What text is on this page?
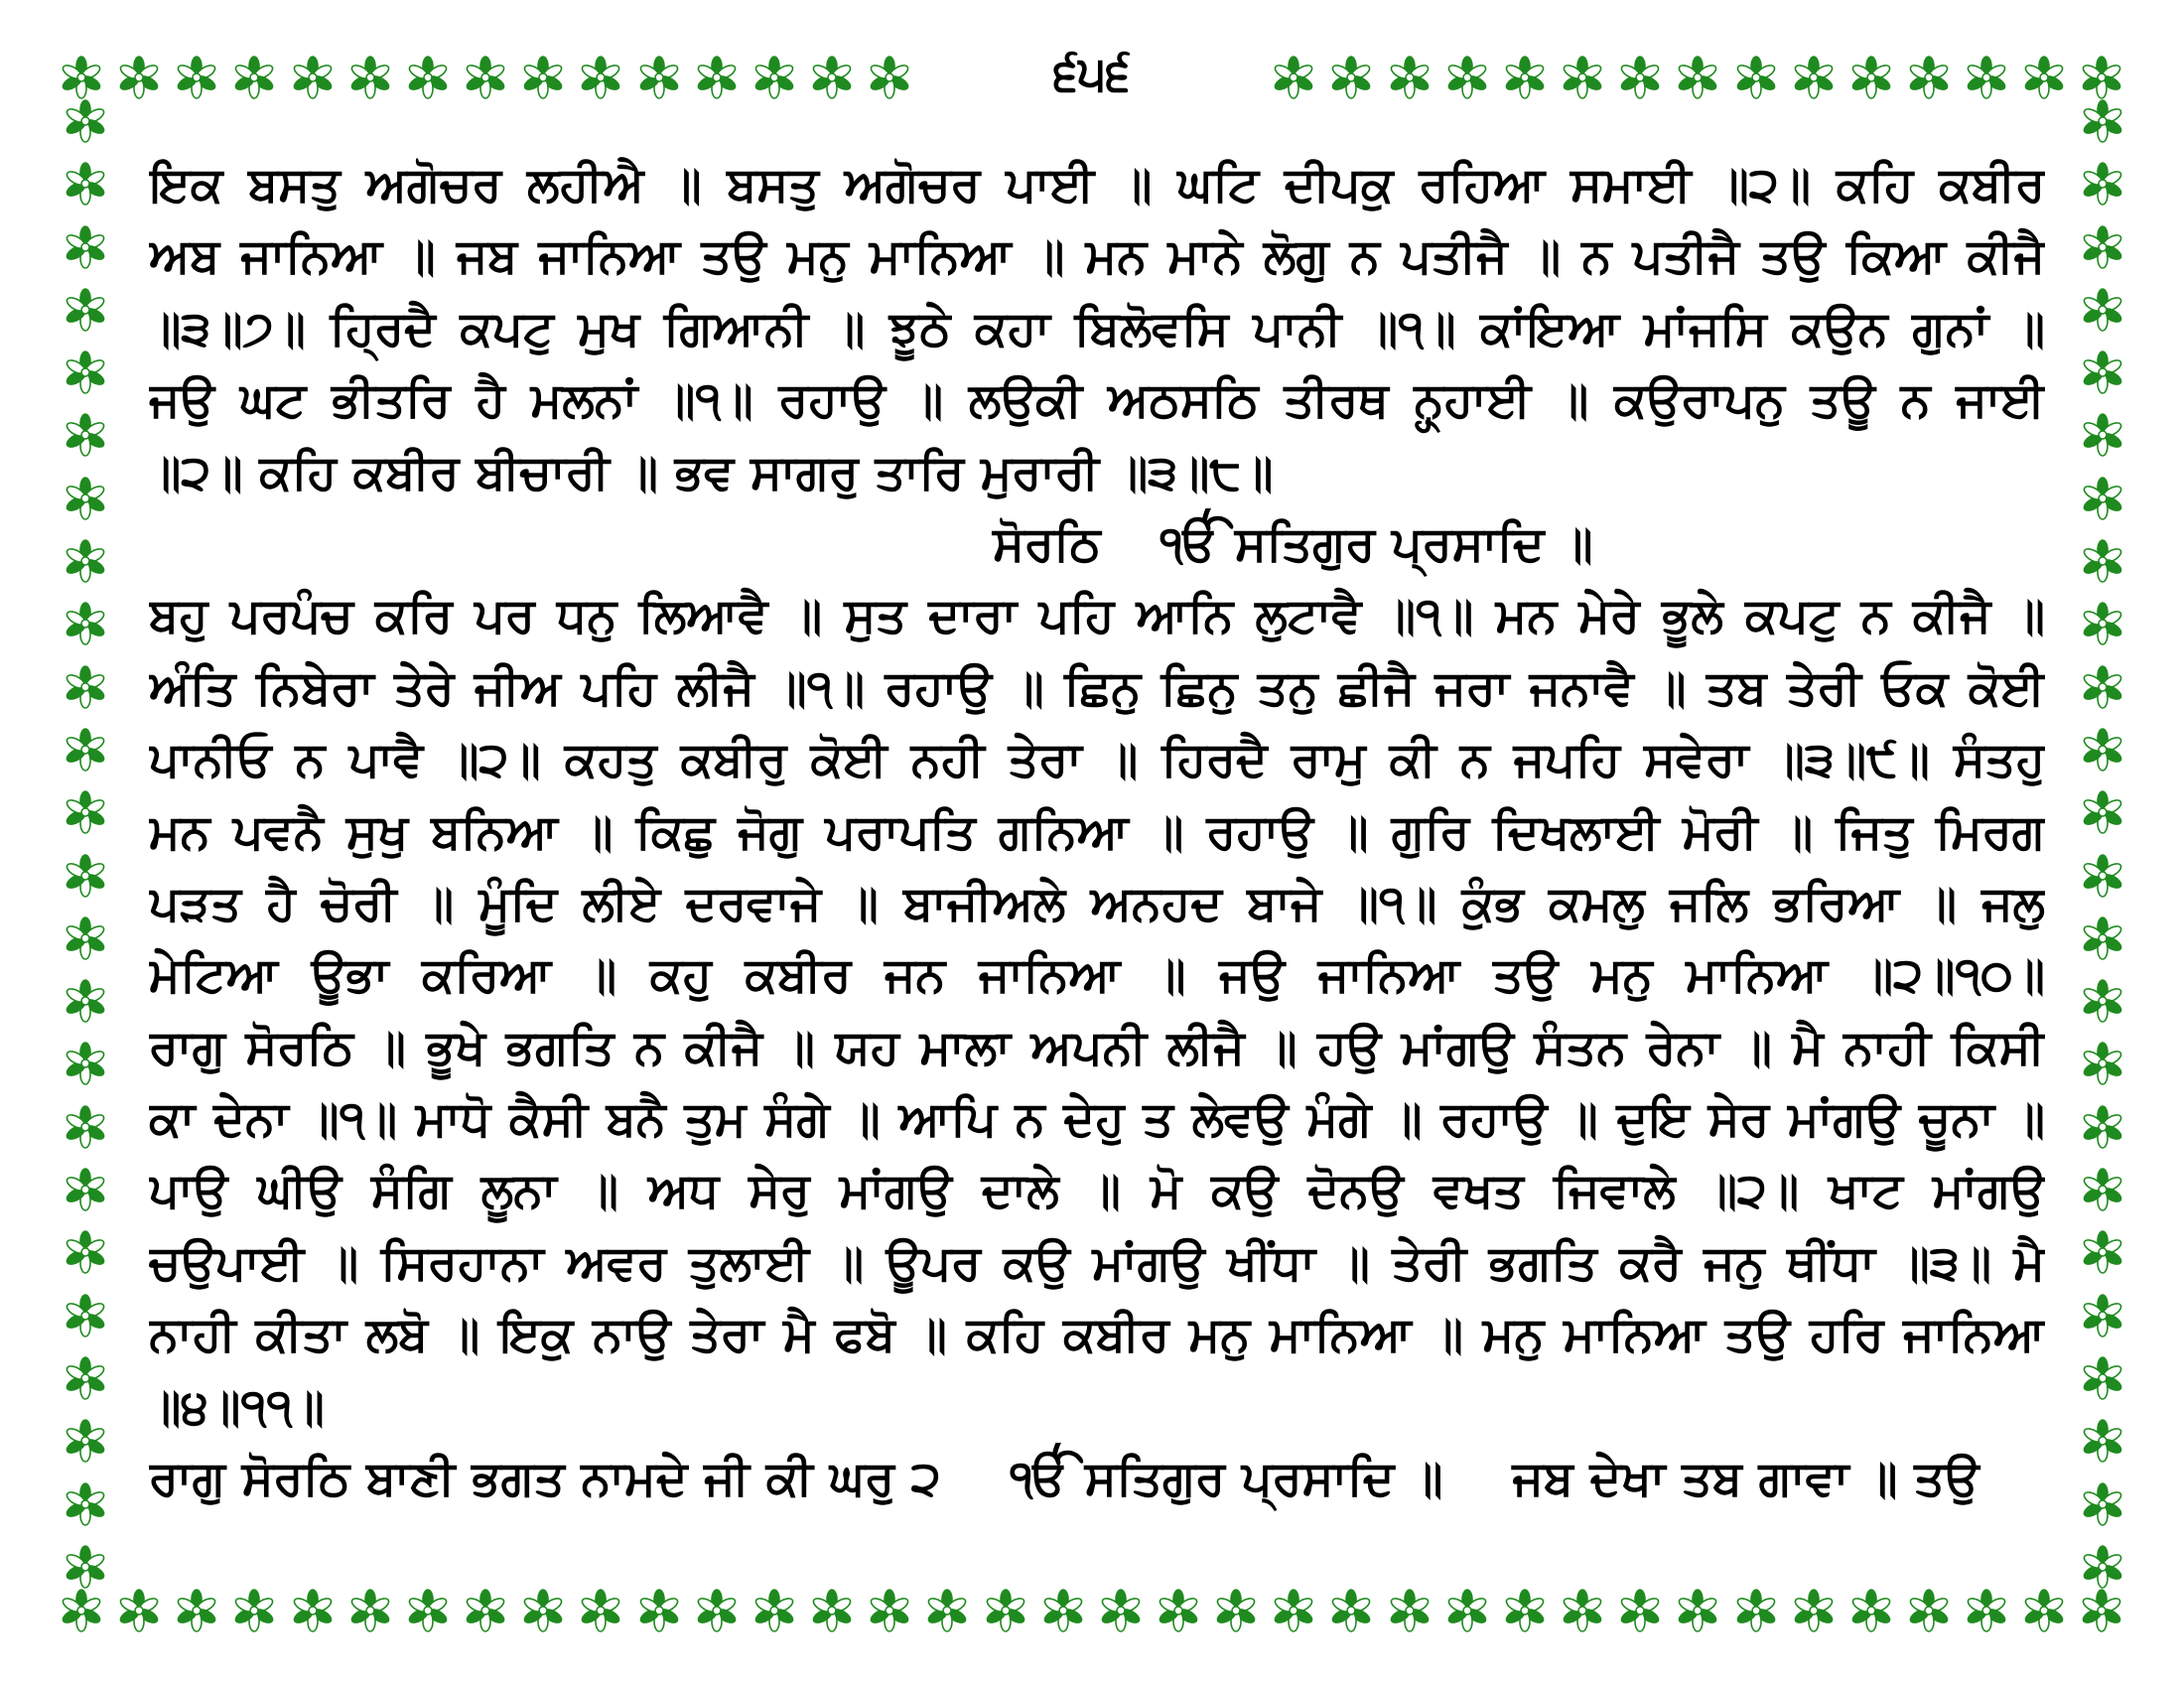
੬੫੬
ਇਕ ਬਸਤੁ ਅਗੋਚਰ ਲਹੀਐ ॥ ਬਸਤੁ ਅਗੋਚਰ ਪਾਈ ॥ ਘਟਿ ਦੀਪਕੁ ਰਹਿਆ ਸਮਾਈ ॥੨॥ ਕਹਿ ਕਬੀਰ
ਅਬ ਜਾਨਿਆ ॥ ਜਬ ਜਾਨਿਆ ਤਉ ਮਨੁ ਮਾਨਿਆ ॥ ਮਨ ਮਾਨੇ ਲੋਗੁ ਨ ਪਤੀਜੈ ॥ ਨ ਪਤੀਜੈ ਤਉ ਕਿਆ ਕੀਜੈ
॥੩॥੭॥ ਹ੍ਰਿਦੈ ਕਪਟੁ ਮੁਖ ਗਿਆਨੀ ॥ ਝੂਠੇ ਕਹਾ ਬਿਲੋਵਸਿ ਪਾਨੀ ॥੧॥ ਕਾਂਇਆ ਮਾਂਜਸਿ ਕਉਨ ਗੁਨਾਂ ॥
ਜਉ ਘਟ ਭੀਤਰਿ ਹੈ ਮਲਨਾਂ ॥੧॥ ਰਹਾਉ ॥ ਲਉਕੀ ਅਠਸਠਿ ਤੀਰਥ ਨ੍ਹ੍ਹਾਈ ॥ ਕਉਰਾਪਨੁ ਤਊ ਨ ਜਾਈ
॥੨॥ ਕਹਿ ਕਬੀਰ ਬੀਚਾਰੀ ॥ ਭਵ ਸਾਗਰੁ ਤਾਰਿ ਮੁਰਾਰੀ ॥੩॥੮॥
ਸੋਰਠਿ ੴ ਸਤਿਗੁਰ ਪ੍ਰਸਾਦਿ ॥
ਬਹੁ ਪਰਪੰਚ ਕਰਿ ਪਰ ਧਨੁ ਲਿਆਵੈ ॥ ਸੁਤ ਦਾਰਾ ਪਹਿ ਆਨਿ ਲੁਟਾਵੈ ॥੧॥ ਮਨ ਮੇਰੇ ਭੂਲੇ ਕਪਟੁ ਨ ਕੀਜੈ ॥
ਅੰਤਿ ਨਿਬੇਰਾ ਤੇਰੇ ਜੀਅ ਪਹਿ ਲੀਜੈ ॥੧॥ ਰਹਾਉ ॥ ਛਿਨੁ ਛਿਨੁ ਤਨੁ ਛੀਜੈ ਜਰਾ ਜਨਾਵੈ ॥ ਤਬ ਤੇਰੀ ਓਕ ਕੋਈ
ਪਾਨੀਓ ਨ ਪਾਵੈ ॥੨॥ ਕਹਤੁ ਕਬੀਰੁ ਕੋਈ ਨਹੀ ਤੇਰਾ ॥ ਹਿਰਦੈ ਰਾਮੁ ਕੀ ਨ ਜਪਹਿ ਸਵੇਰਾ ॥੩॥੯॥ ਸੰਤਹੁ
ਮਨ ਪਵਨੈ ਸੁਖੁ ਬਨਿਆ ॥ ਕਿਛੁ ਜੋਗੁ ਪਰਾਪਤਿ ਗਨਿਆ ॥ ਰਹਾਉ ॥ ਗੁਰਿ ਦਿਖਲਾਈ ਮੋਰੀ ॥ ਜਿਤੁ ਮਿਰਗ
ਪੜਤ ਹੈ ਚੋਰੀ ॥ ਮੂੰਦਿ ਲੀਏ ਦਰਵਾਜੇ ॥ ਬਾਜੀਅਲੇ ਅਨਹਦ ਬਾਜੇ ॥੧॥ ਕੁੰਭ ਕਮਲੁ ਜਲਿ ਭਰਿਆ ॥ ਜਲੁ
ਮੇਟਿਆ ਊਭਾ ਕਰਿਆ ॥ ਕਹੁ ਕਬੀਰ ਜਨ ਜਾਨਿਆ ॥ ਜਉ ਜਾਨਿਆ ਤਉ ਮਨੁ ਮਾਨਿਆ ॥੨॥੧੦॥
ਰਾਗੁ ਸੋਰਠਿ ॥ ਭੂਖੇ ਭਗਤਿ ਨ ਕੀਜੈ ॥ ਯਹ ਮਾਲਾ ਅਪਨੀ ਲੀਜੈ ॥ ਹਉ ਮਾਂਗਉ ਸੰਤਨ ਰੇਨਾ ॥ ਮੈ ਨਾਹੀ ਕਿਸੀ
ਕਾ ਦੇਨਾ ॥੧॥ ਮਾਧੋ ਕੈਸੀ ਬਨੈ ਤੁਮ ਸੰਗੇ ॥ ਆਪਿ ਨ ਦੇਹੁ ਤ ਲੇਵਉ ਮੰਗੇ ॥ ਰਹਾਉ ॥ ਦੁਇ ਸੇਰ ਮਾਂਗਉ ਚੂਨਾ ॥
ਪਾਉ ਘੀਉ ਸੰਗਿ ਲੂਨਾ ॥ ਅਧ ਸੇਰੁ ਮਾਂਗਉ ਦਾਲੇ ॥ ਮੋ ਕਉ ਦੋਨਉ ਵਖਤ ਜਿਵਾਲੇ ॥੨॥ ਖਾਟ ਮਾਂਗਉ
ਚਉਪਾਈ ॥ ਸਿਰਹਾਨਾ ਅਵਰ ਤੁਲਾਈ ॥ ਊਪਰ ਕਉ ਮਾਂਗਉ ਖੀਂਧਾ ॥ ਤੇਰੀ ਭਗਤਿ ਕਰੈ ਜਨੁ ਥੀਂਧਾ ॥੩॥ ਮੈ
ਨਾਹੀ ਕੀਤਾ ਲਬੋ ॥ ਇਕੁ ਨਾਉ ਤੇਰਾ ਮੈ ਫਬੋ ॥ ਕਹਿ ਕਬੀਰ ਮਨੁ ਮਾਨਿਆ ॥ ਮਨੁ ਮਾਨਿਆ ਤਉ ਹਰਿ ਜਾਨਿਆ
॥੪॥੧੧॥
ਰਾਗੁ ਸੋਰਠਿ ਬਾਣੀ ਭਗਤ ਨਾਮਦੇ ਜੀ ਕੀ ਘਰੁ ੨ ੴ ਸਤਿਗੁਰ ਪ੍ਰਸਾਦਿ ॥ ਜਬ ਦੇਖਾ ਤਬ ਗਾਵਾ ॥ ਤਉ
